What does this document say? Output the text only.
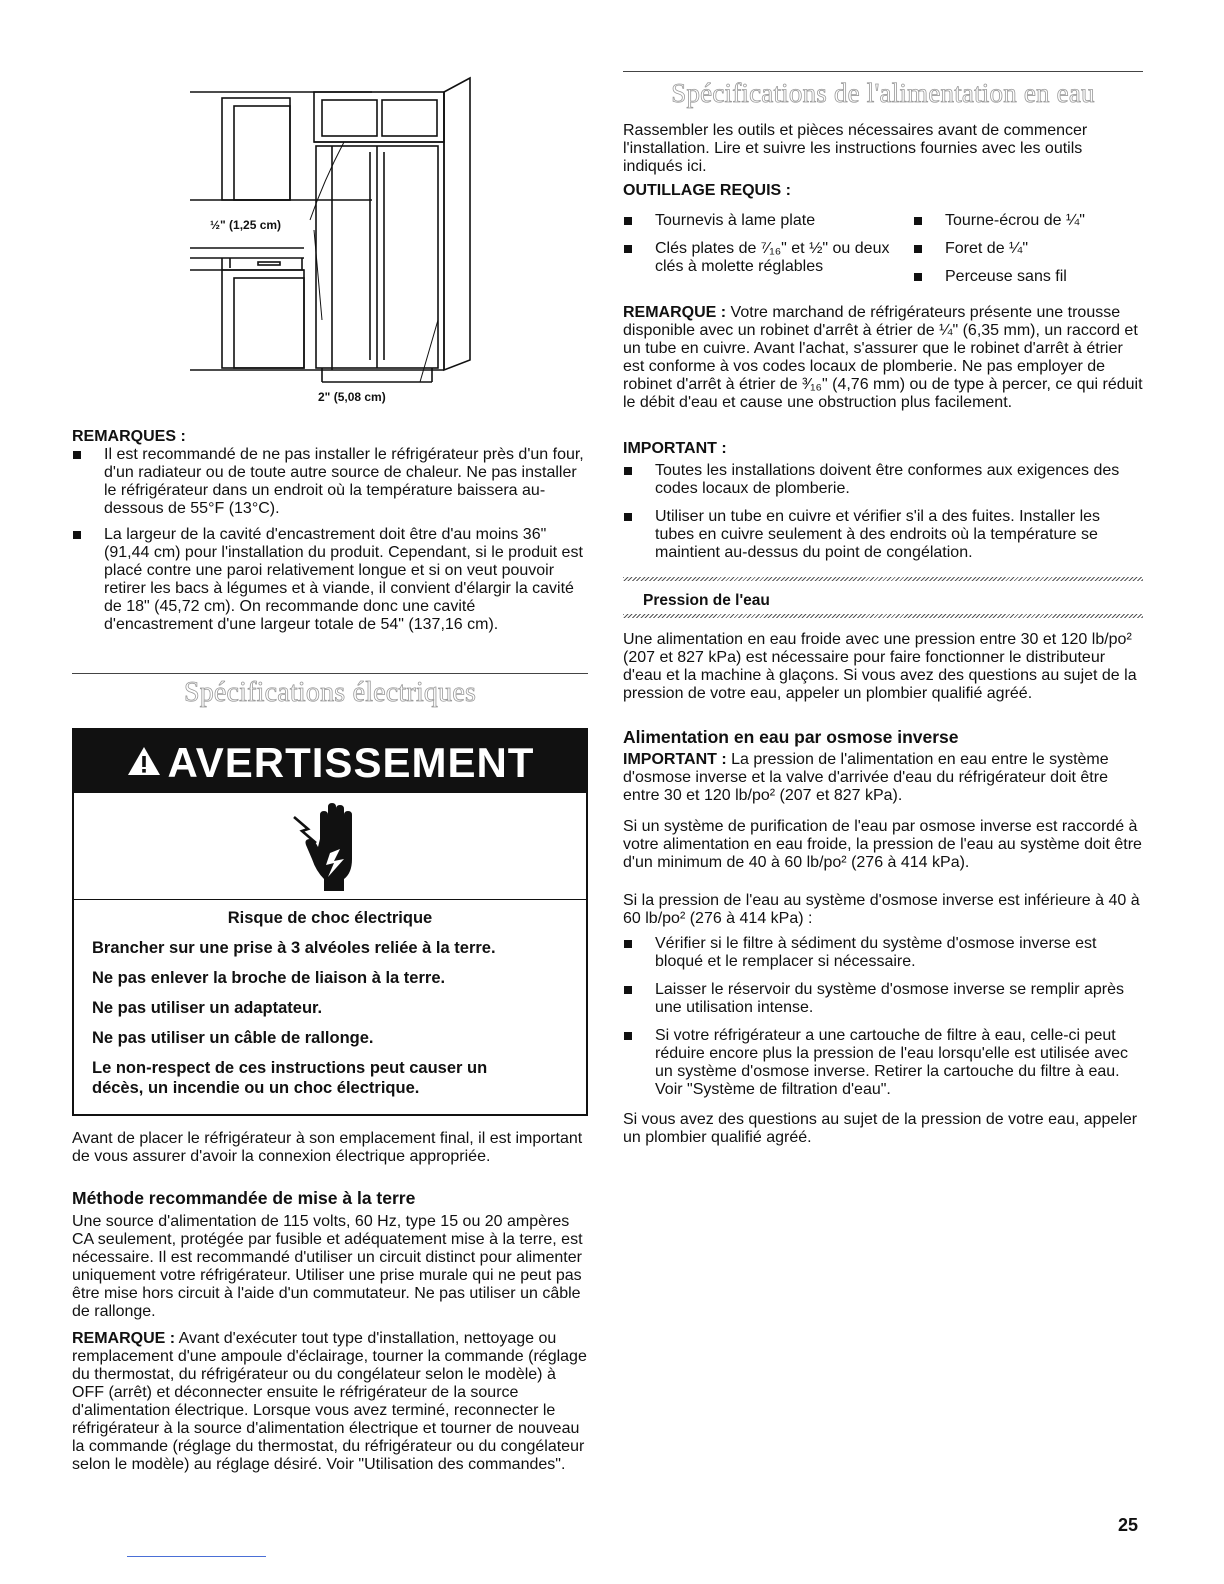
½" (1,25 cm)
2" (5,08 cm)
REMARQUES :
Il est recommandé de ne pas installer le réfrigérateur près d'un four, d'un radiateur ou de toute autre source de chaleur. Ne pas installer le réfrigérateur dans un endroit où la température baissera au-dessous de 55°F (13°C).
La largeur de la cavité d'encastrement doit être d'au moins 36" (91,44 cm) pour l'installation du produit. Cependant, si le produit est placé contre une paroi relativement longue et si on veut pouvoir retirer les bacs à légumes et à viande, il convient d'élargir la cavité de 18" (45,72 cm). On recommande donc une cavité d'encastrement d'une largeur totale de 54" (137,16 cm).
Spécifications électriques
AVERTISSEMENT

Risque de choc électrique

Brancher sur une prise à 3 alvéoles reliée à la terre.

Ne pas enlever la broche de liaison à la terre.

Ne pas utiliser un adaptateur.

Ne pas utiliser un câble de rallonge.

Le non-respect de ces instructions peut causer un décès, un incendie ou un choc électrique.

Avant de placer le réfrigérateur à son emplacement final, il est important de vous assurer d'avoir la connexion électrique appropriée.

Méthode recommandée de mise à la terre

Une source d'alimentation de 115 volts, 60 Hz, type 15 ou 20 ampères CA seulement, protégée par fusible et adéquatement mise à la terre, est nécessaire. Il est recommandé d'utiliser un circuit distinct pour alimenter uniquement votre réfrigérateur. Utiliser une prise murale qui ne peut pas être mise hors circuit à l'aide d'un commutateur. Ne pas utiliser un câble de rallonge.

REMARQUE : Avant d'exécuter tout type d'installation, nettoyage ou remplacement d'une ampoule d'éclairage, tourner la commande (réglage du thermostat, du réfrigérateur ou du congélateur selon le modèle) à OFF (arrêt) et déconnecter ensuite le réfrigérateur de la source d'alimentation électrique. Lorsque vous avez terminé, reconnecter le réfrigérateur à la source d'alimentation électrique et tourner de nouveau la commande (réglage du thermostat, du réfrigérateur ou du congélateur selon le modèle) au réglage désiré. Voir "Utilisation des commandes".

Spécifications de l'alimentation en eau

Rassembler les outils et pièces nécessaires avant de commencer l'installation. Lire et suivre les instructions fournies avec les outils indiqués ici.

OUTILLAGE REQUIS :
Tournevis à lame plate
Clés plates de ⁷⁄₁₆" et ½" ou deux clés à molette réglables
Tourne-écrou de ¼"
Foret de ¼"
Perceuse sans fil

REMARQUE : Votre marchand de réfrigérateurs présente une trousse disponible avec un robinet d'arrêt à étrier de ¼" (6,35 mm), un raccord et un tube en cuivre. Avant l'achat, s'assurer que le robinet d'arrêt à étrier est conforme à vos codes locaux de plomberie. Ne pas employer de robinet d'arrêt à étrier de ³⁄₁₆" (4,76 mm) ou de type à percer, ce qui réduit le débit d'eau et cause une obstruction plus facilement.

IMPORTANT :
Toutes les installations doivent être conformes aux exigences des codes locaux de plomberie.
Utiliser un tube en cuivre et vérifier s'il a des fuites. Installer les tubes en cuivre seulement à des endroits où la température se maintient au-dessus du point de congélation.
Pression de l'eau

Une alimentation en eau froide avec une pression entre 30 et 120 lb/po² (207 et 827 kPa) est nécessaire pour faire fonctionner le distributeur d'eau et la machine à glaçons. Si vous avez des questions au sujet de la pression de votre eau, appeler un plombier qualifié agréé.

Alimentation en eau par osmose inverse

IMPORTANT : La pression de l'alimentation en eau entre le système d'osmose inverse et la valve d'arrivée d'eau du réfrigérateur doit être entre 30 et 120 lb/po² (207 et 827 kPa).

Si un système de purification de l'eau par osmose inverse est raccordé à votre alimentation en eau froide, la pression de l'eau au système doit être d'un minimum de 40 à 60 lb/po² (276 à 414 kPa).

Si la pression de l'eau au système d'osmose inverse est inférieure à 40 à 60 lb/po² (276 à 414 kPa) :

Vérifier si le filtre à sédiment du système d'osmose inverse est bloqué et le remplacer si nécessaire.
Laisser le réservoir du système d'osmose inverse se remplir après une utilisation intense.
Si votre réfrigérateur a une cartouche de filtre à eau, celle-ci peut réduire encore plus la pression de l'eau lorsqu'elle est utilisée avec un système d'osmose inverse. Retirer la cartouche du filtre à eau. Voir "Système de filtration d'eau".

Si vous avez des questions au sujet de la pression de votre eau, appeler un plombier qualifié agréé.

25
